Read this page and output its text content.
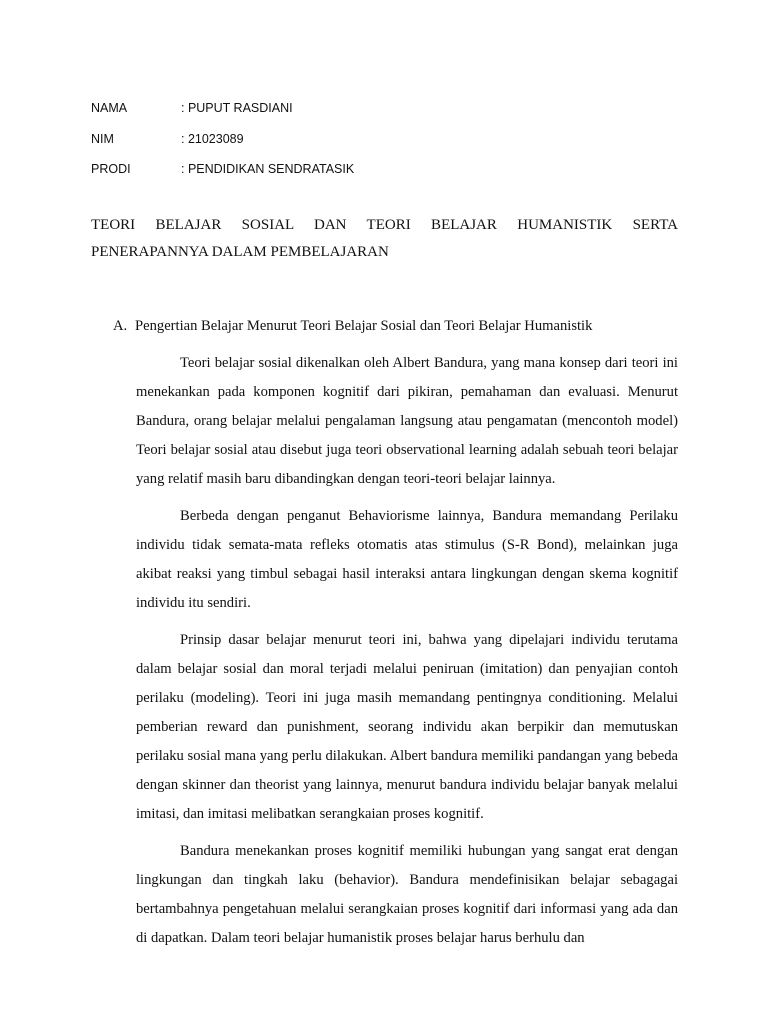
NAMA	: PUPUT RASDIANI
NIM	: 21023089
PRODI	: PENDIDIKAN SENDRATASIK
TEORI BELAJAR SOSIAL DAN TEORI BELAJAR HUMANISTIK SERTA PENERAPANNYA DALAM PEMBELAJARAN
A. Pengertian Belajar Menurut Teori Belajar Sosial dan Teori Belajar Humanistik

Teori belajar sosial dikenalkan oleh Albert Bandura, yang mana konsep dari teori ini menekankan pada komponen kognitif dari pikiran, pemahaman dan evaluasi. Menurut Bandura, orang belajar melalui pengalaman langsung atau pengamatan (mencontoh model) Teori belajar sosial atau disebut juga teori observational learning adalah sebuah teori belajar yang relatif masih baru dibandingkan dengan teori-teori belajar lainnya.

Berbeda dengan penganut Behaviorisme lainnya, Bandura memandang Perilaku individu tidak semata-mata refleks otomatis atas stimulus (S-R Bond), melainkan juga akibat reaksi yang timbul sebagai hasil interaksi antara lingkungan dengan skema kognitif individu itu sendiri.

Prinsip dasar belajar menurut teori ini, bahwa yang dipelajari individu terutama dalam belajar sosial dan moral terjadi melalui peniruan (imitation) dan penyajian contoh perilaku (modeling). Teori ini juga masih memandang pentingnya conditioning. Melalui pemberian reward dan punishment, seorang individu akan berpikir dan memutuskan perilaku sosial mana yang perlu dilakukan. Albert bandura memiliki pandangan yang bebeda dengan skinner dan theorist yang lainnya, menurut bandura individu belajar banyak melalui imitasi, dan imitasi melibatkan serangkaian proses kognitif.

Bandura menekankan proses kognitif memiliki hubungan yang sangat erat dengan lingkungan dan tingkah laku (behavior). Bandura mendefinisikan belajar sebagagai bertambahnya pengetahuan melalui serangkaian proses kognitif dari informasi yang ada dan di dapatkan. Dalam teori belajar humanistik proses belajar harus berhulu dan
